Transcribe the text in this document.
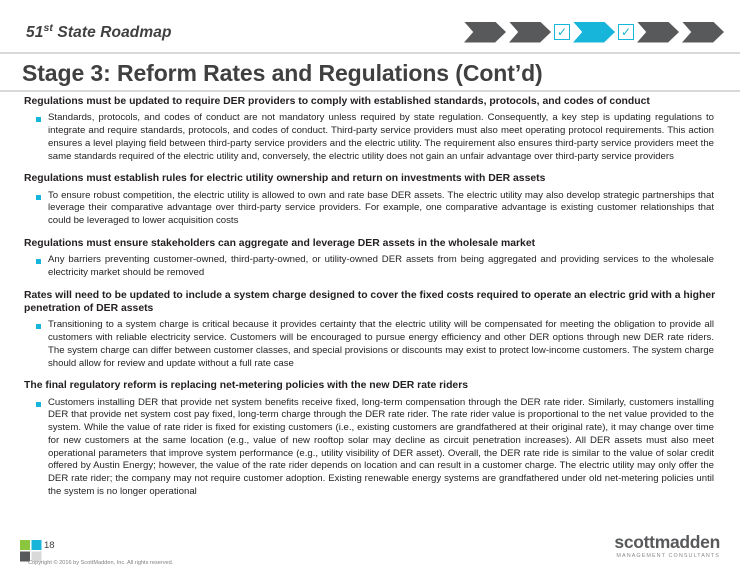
51st State Roadmap	✓	✓
Stage 3: Reform Rates and Regulations (Cont’d)

Regulations must be updated to require DER providers to comply with established standards, protocols, and codes of conduct

Standards, protocols, and codes of conduct are not mandatory unless required by state regulation. Consequently, a key step is updating regulations to integrate and require standards, protocols, and codes of conduct. Third-party service providers must also meet operating protocol requirements. This action ensures a level playing field between third-party service providers and the electric utility. The requirement also ensures third-party service providers meet the same standards required of the electric utility and, conversely, the electric utility does not gain an unfair advantage over third-party service providers

Regulations must establish rules for electric utility ownership and return on investments with DER assets

To ensure robust competition, the electric utility is allowed to own and rate base DER assets. The electric utility may also develop strategic partnerships that leverage their comparative advantage over third-party service providers. For example, one comparative advantage is existing customer relationships that could be leveraged to lower acquisition costs

Regulations must ensure stakeholders can aggregate and leverage DER assets in the wholesale market

Any barriers preventing customer-owned, third-party-owned, or utility-owned DER assets from being aggregated and providing services to the wholesale electricity market should be removed

Rates will need to be updated to include a system charge designed to cover the fixed costs required to operate an electric grid with a higher penetration of DER assets

Transitioning to a system charge is critical because it provides certainty that the electric utility will be compensated for meeting the obligation to provide all customers with reliable electricity service. Customers will be encouraged to pursue energy efficiency and other DER options through new DER rate riders. The system charge can differ between customer classes, and special provisions or discounts may exist to protect low-income customers. The system charge should allow for review and update without a full rate case

The final regulatory reform is replacing net-metering policies with the new DER rate riders

Customers installing DER that provide net system benefits receive fixed, long-term compensation through the DER rate rider. Similarly, customers installing DER that provide net system cost pay fixed, long-term charge through the DER rate rider. The rate rider value is proportional to the net value provided to the system. While the value of rate rider is fixed for existing customers (i.e., existing customers are grandfathered at their original rate), it may change over time for new customers at the same location (e.g., value of new rooftop solar may decline as circuit penetration increases). All DER assets must also meet operational parameters that improve system performance (e.g., utility visibility of DER asset). Overall, the DER rate ride is similar to the value of solar credit offered by Austin Energy; however, the value of the rate rider depends on location and can result in a customer charge. The electric utility may only offer the DER rate rider; the company may not require customer adoption. Existing renewable energy systems are grandfathered under old net-metering policies until the system is no longer operational
18
Copyright © 2016 by ScottMadden, Inc. All rights reserved.
scottmadden
MANAGEMENT CONSULTANTS
